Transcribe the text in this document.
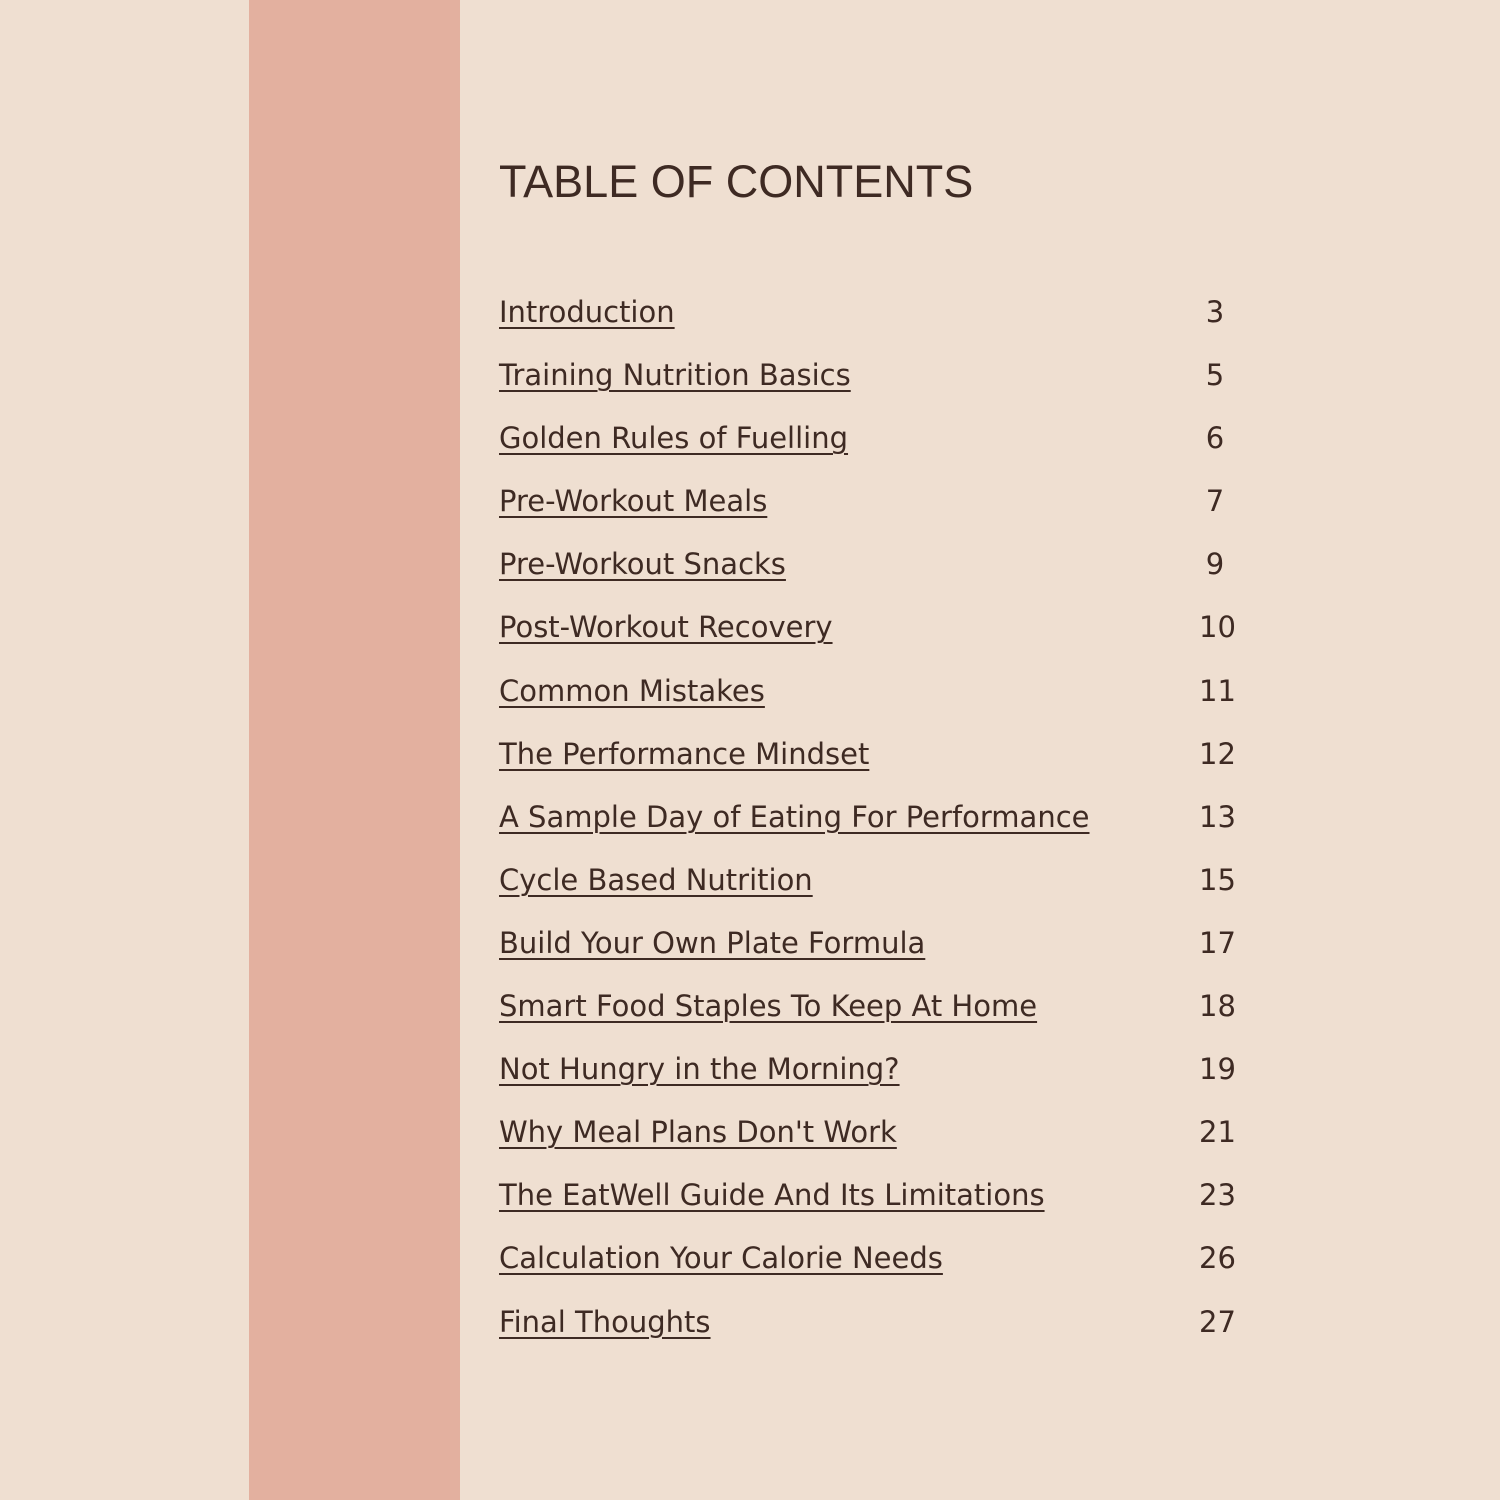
TABLE OF CONTENTS
Introduction	3
Training Nutrition Basics	5
Golden Rules of Fuelling	6
Pre-Workout Meals	7
Pre-Workout Snacks	9
Post-Workout Recovery	10
Common Mistakes	11
The Performance Mindset	12
A Sample Day of Eating For Performance	13
Cycle Based Nutrition	15
Build Your Own Plate Formula	17
Smart Food Staples To Keep At Home	18
Not Hungry in the Morning?	19
Why Meal Plans Don't Work	21
The EatWell Guide And Its Limitations	23
Calculation Your Calorie Needs	26
Final Thoughts	27
